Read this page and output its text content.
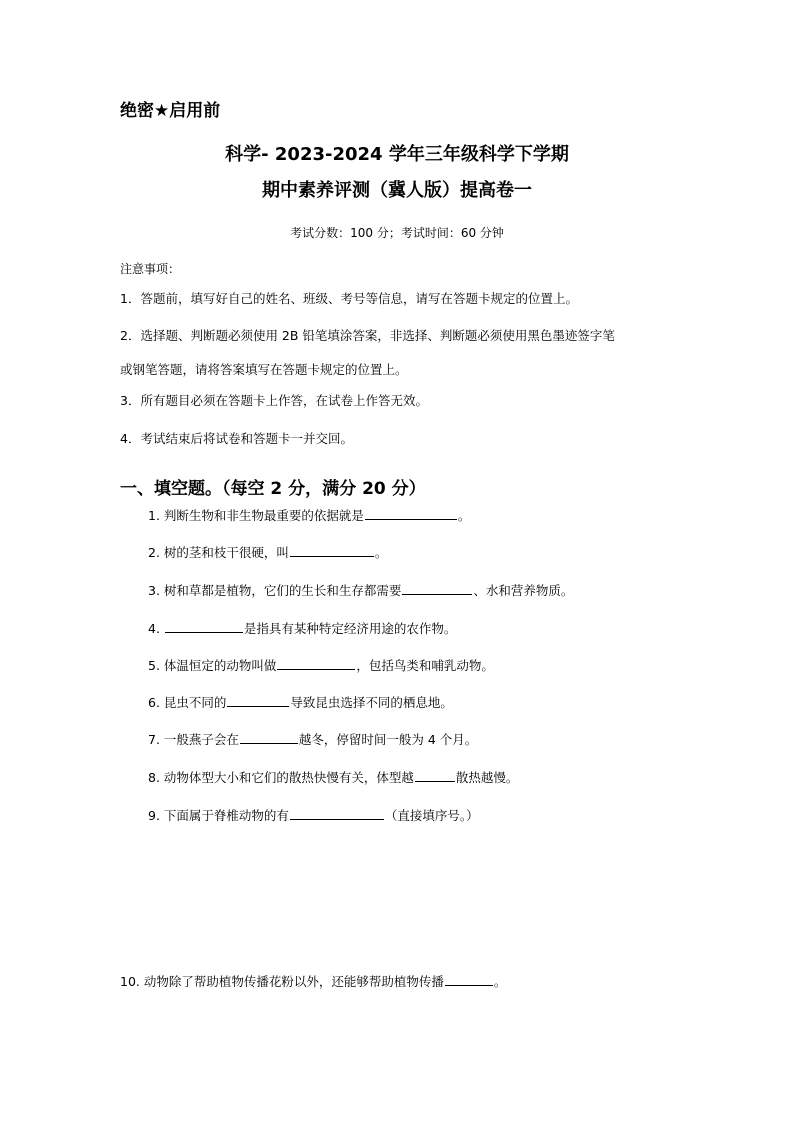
绝密★启用前
科学- 2023-2024 学年三年级科学下学期
期中素养评测（冀人版）提高卷一
考试分数：100 分；考试时间：60 分钟
注意事项：
1．答题前，填写好自己的姓名、班级、考号等信息，请写在答题卡规定的位置上。
2．选择题、判断题必须使用 2B 铅笔填涂答案，非选择、判断题必须使用黑色墨迹签字笔
或钢笔答题，请将答案填写在答题卡规定的位置上。
3．所有题目必须在答题卡上作答，在试卷上作答无效。
4．考试结束后将试卷和答题卡一并交回。
一、填空题。（每空 2 分，满分 20 分）
1. 判断生物和非生物最重要的依据就是	。
2. 树的茎和枝干很硬，叫	。
3. 树和草都是植物，它们的生长和生存都需要	、水和营养物质。
4.	是指具有某种特定经济用途的农作物。
5. 体温恒定的动物叫做	，包括鸟类和哺乳动物。
6. 昆虫不同的	导致昆虫选择不同的栖息地。
7. 一般燕子会在	越冬，停留时间一般为 4 个月。
8. 动物体型大小和它们的散热快慢有关，体型越	散热越慢。
9. 下面属于脊椎动物的有	（直接填序号。）
10. 动物除了帮助植物传播花粉以外，还能够帮助植物传播	。
